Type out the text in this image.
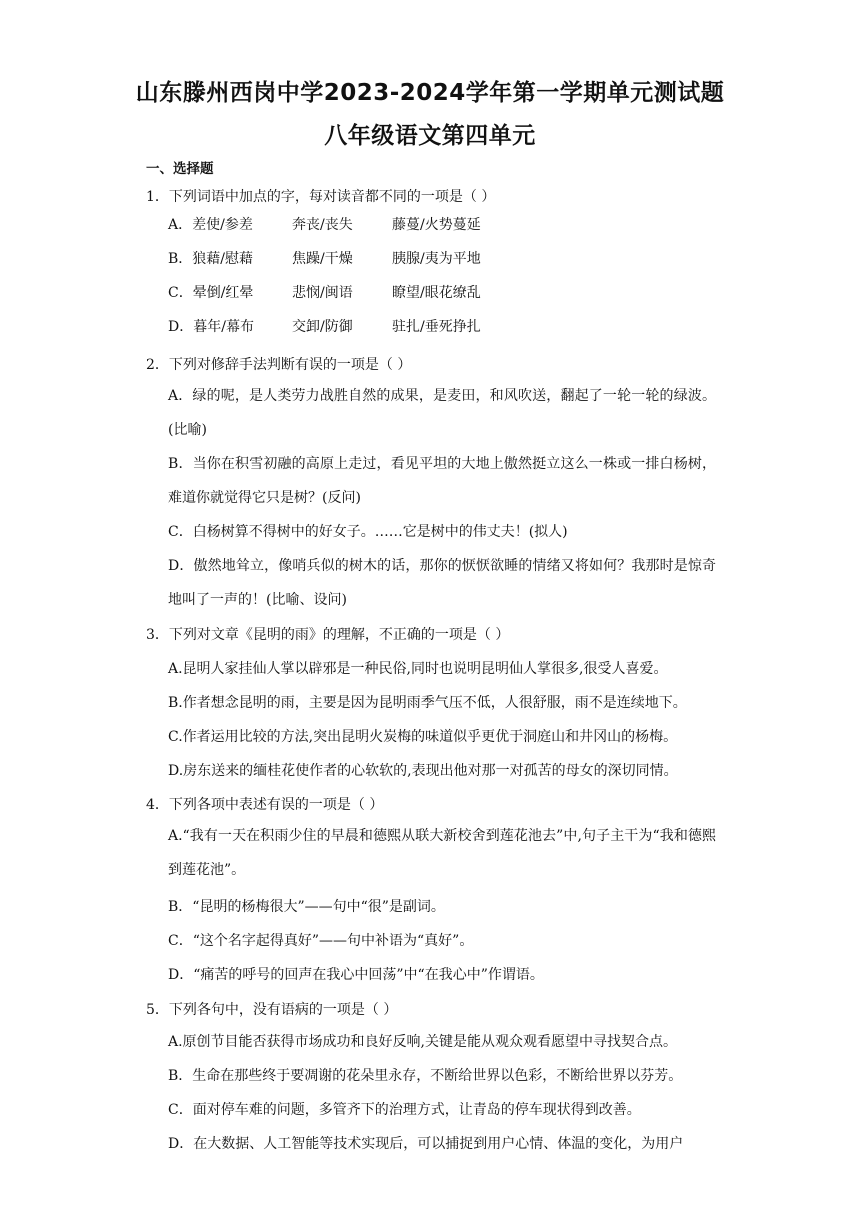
山东滕州西岗中学2023-2024学年第一学期单元测试题
八年级语文第四单元
一、选择题
1．下列词语中加点的字，每对读音都不同的一项是（ ）
A．差使/参差	奔丧/丧失	藤蔓/火势蔓延
B．狼藉/慰藉	焦躁/干燥	胰腺/夷为平地
C．晕倒/红晕	悲悯/闽语	瞭望/眼花缭乱
D．暮年/幕布	交卸/防御	驻扎/垂死挣扎
2．下列对修辞手法判断有误的一项是（ ）
A．绿的呢，是人类劳力战胜自然的成果，是麦田，和风吹送，翻起了一轮一轮的绿波。(比喻)
B．当你在积雪初融的高原上走过，看见平坦的大地上傲然挺立这么一株或一排白杨树，难道你就觉得它只是树？(反问)
C．白杨树算不得树中的好女子。……它是树中的伟丈夫！(拟人)
D．傲然地耸立，像哨兵似的树木的话，那你的恹恹欲睡的情绪又将如何？我那时是惊奇地叫了一声的！(比喻、设问)
3．下列对文章《昆明的雨》的理解，不正确的一项是（ ）
A.昆明人家挂仙人掌以辟邪是一种民俗,同时也说明昆明仙人掌很多,很受人喜爱。
B.作者想念昆明的雨，主要是因为昆明雨季气压不低，人很舒服，雨不是连续地下。
C.作者运用比较的方法,突出昆明火炭梅的味道似乎更优于洞庭山和井冈山的杨梅。
D.房东送来的缅桂花使作者的心软软的,表现出他对那一对孤苦的母女的深切同情。
4．下列各项中表述有误的一项是（ ）
A.“我有一天在积雨少住的早晨和德熙从联大新校舍到莲花池去”中,句子主干为“我和德熙到莲花池”。
B．“昆明的杨梅很大”——句中“很”是副词。
C．“这个名字起得真好”——句中补语为“真好”。
D．“痛苦的呼号的回声在我心中回荡”中“在我心中”作谓语。
5．下列各句中，没有语病的一项是（ ）
A.原创节目能否获得市场成功和良好反响,关键是能从观众观看愿望中寻找契合点。
B．生命在那些终于要凋谢的花朵里永存，不断给世界以色彩，不断给世界以芬芳。
C．面对停车难的问题，多管齐下的治理方式，让青岛的停车现状得到改善。
D．在大数据、人工智能等技术实现后，可以捕捉到用户心情、体温的变化，为用户
